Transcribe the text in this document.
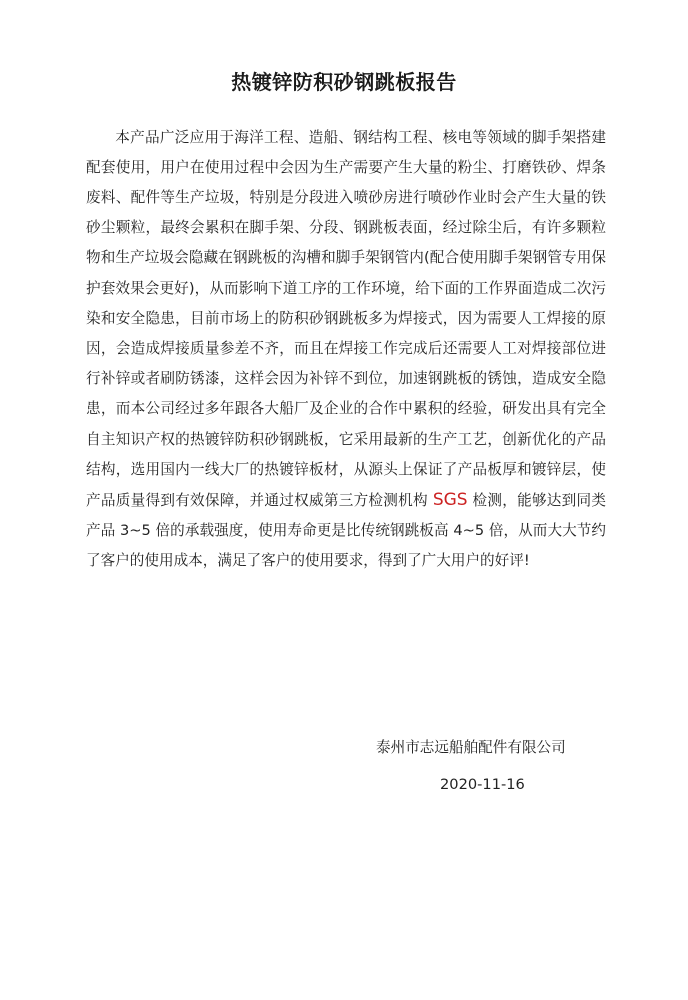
热镀锌防积砂钢跳板报告

本产品广泛应用于海洋工程、造船、钢结构工程、核电等领域的脚手架搭建配套使用，用户在使用过程中会因为生产需要产生大量的粉尘、打磨铁砂、焊条废料、配件等生产垃圾，特别是分段进入喷砂房进行喷砂作业时会产生大量的铁砂尘颗粒，最终会累积在脚手架、分段、钢跳板表面，经过除尘后，有许多颗粒物和生产垃圾会隐藏在钢跳板的沟槽和脚手架钢管内(配合使用脚手架钢管专用保护套效果会更好)，从而影响下道工序的工作环境，给下面的工作界面造成二次污染和安全隐患，目前市场上的防积砂钢跳板多为焊接式，因为需要人工焊接的原因，会造成焊接质量参差不齐，而且在焊接工作完成后还需要人工对焊接部位进行补锌或者刷防锈漆，这样会因为补锌不到位，加速钢跳板的锈蚀，造成安全隐患，而本公司经过多年跟各大船厂及企业的合作中累积的经验，研发出具有完全自主知识产权的热镀锌防积砂钢跳板，它采用最新的生产工艺，创新优化的产品结构，选用国内一线大厂的热镀锌板材，从源头上保证了产品板厚和镀锌层，使产品质量得到有效保障，并通过权威第三方检测机构 SGS 检测，能够达到同类产品 3~5 倍的承载强度，使用寿命更是比传统钢跳板高 4~5 倍，从而大大节约了客户的使用成本，满足了客户的使用要求，得到了广大用户的好评!

泰州市志远船舶配件有限公司
2020-11-16
